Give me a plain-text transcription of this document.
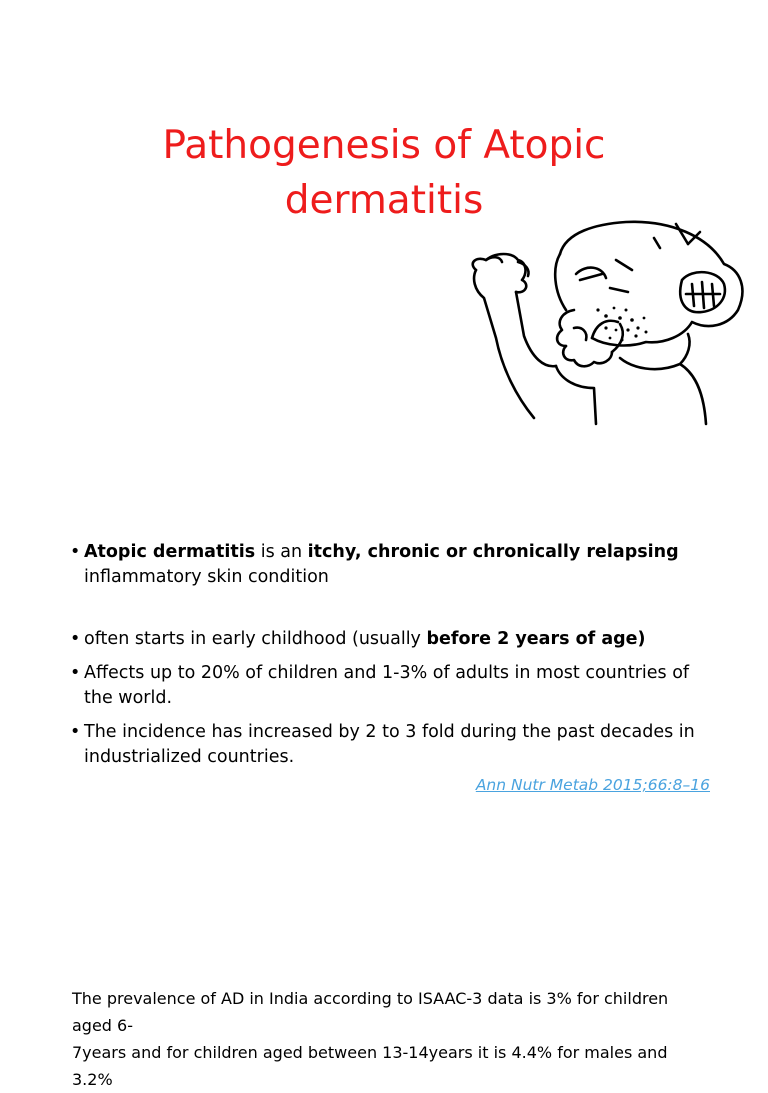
Pathogenesis of Atopic
dermatitis
• Atopic dermatitis is an itchy, chronic or chronically relapsing
inflammatory skin condition
• often starts in early childhood (usually before 2 years of age)
• Affects up to 20% of children and 1-3% of adults in most countries of
the world.
• The incidence has increased by 2 to 3 fold during the past decades in
industrialized countries.
Ann Nutr Metab 2015;66:8–16

The prevalence of AD in India according to ISAAC-3 data is 3% for children aged 6-
7years and for children aged between 13-14years it is 4.4% for males and 3.2%
